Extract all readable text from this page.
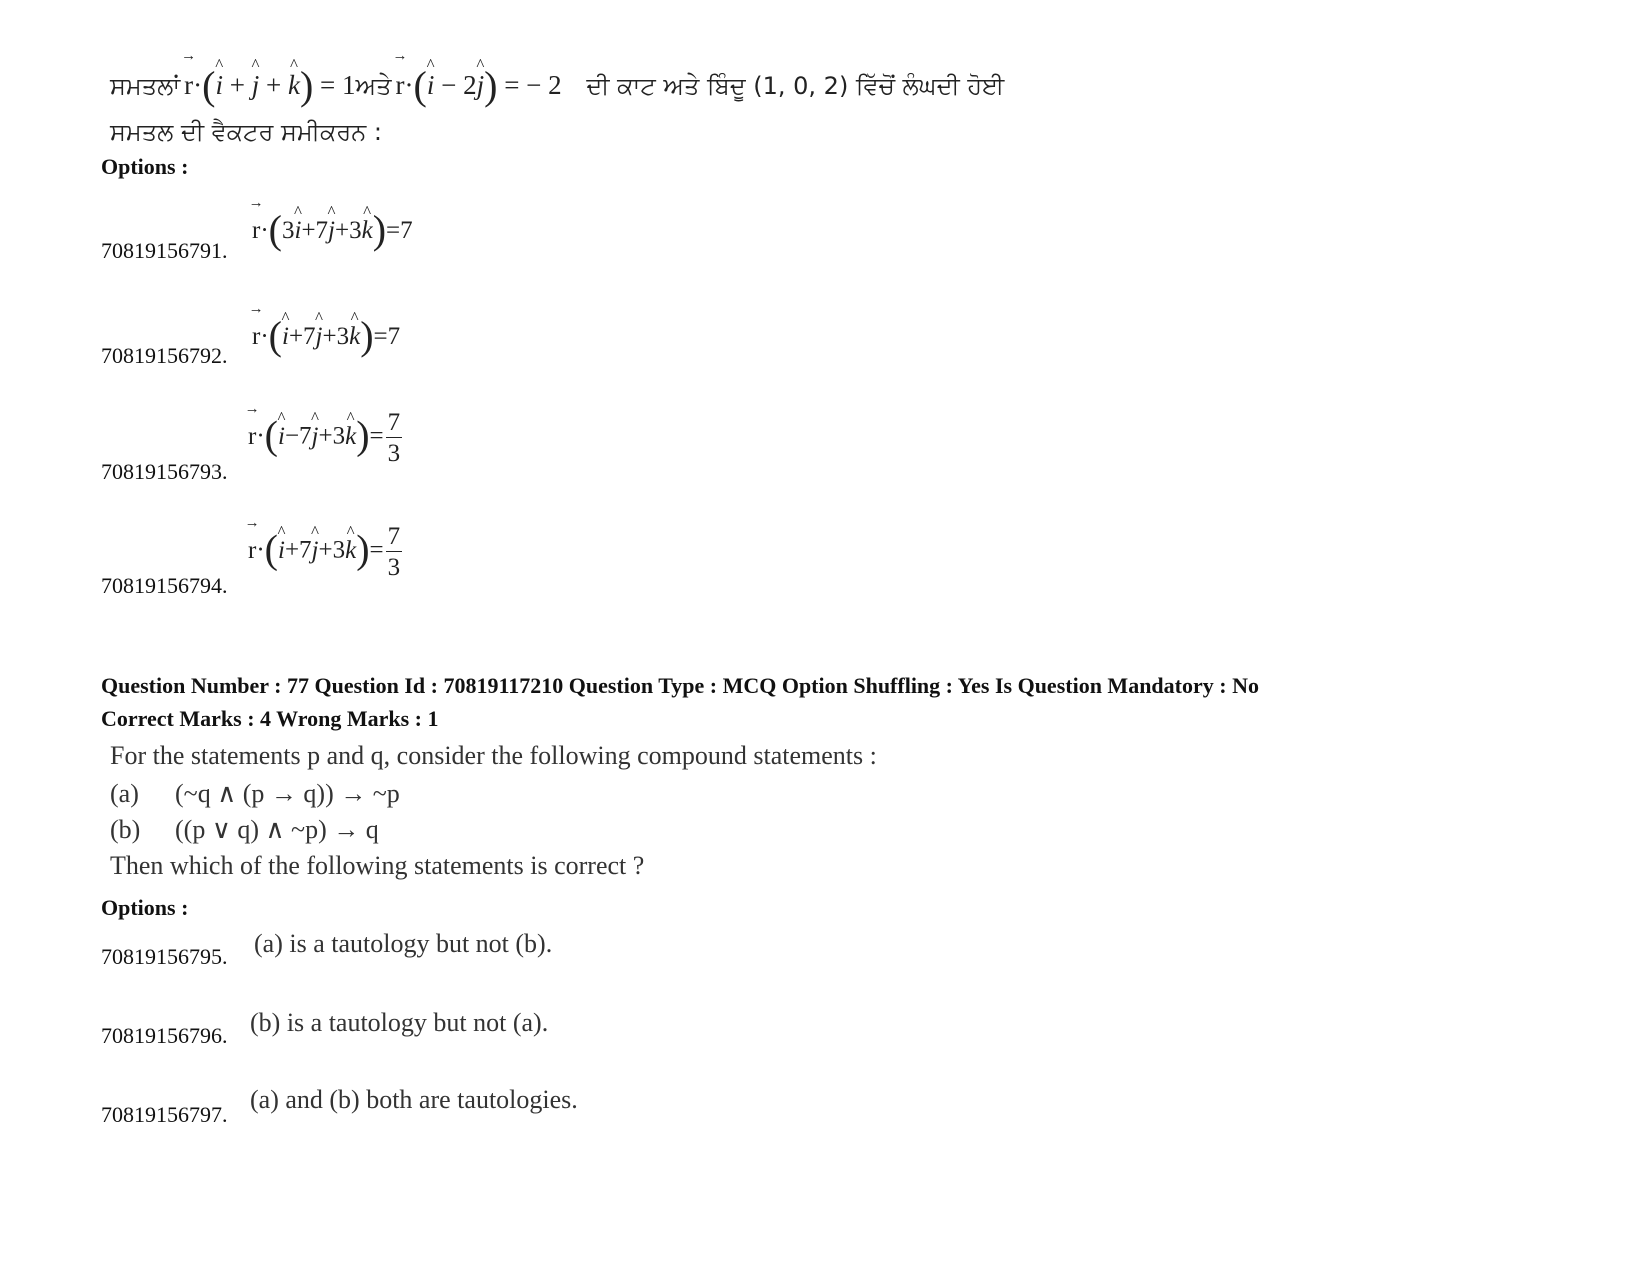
ਸਮਤਲਾਂ → r·(^ i + ^ j + ^ k) = 1ਅਤੇ → r·(^ i − 2^ j) = − 2 ਦੀ ਕਾਟ ਅਤੇ ਬਿੰਦੂ (1, 0, 2) ਵਿੱਚੋਂ ਲੰਘਦੀ ਹੋਈ
ਸਮਤਲ ਦੀ ਵੈਕਟਰ ਸਮੀਕਰਨ :
Options :
70819156791.
→ r·(3^ i+7^ j+3^ k)=7
70819156792.
→ r·(^ i+7^ j+3^ k)=7
70819156793.
→ r·(^ i−7^ j+3^ $k)= \frac{7}{3}$
70819156794.
→ r·(^ i+7^ j+3^ $k)= \frac{7}{3}$
Question Number : 77 Question Id : 70819117210 Question Type : MCQ Option Shuffling : Yes Is Question Mandatory : No
Correct Marks : 4 Wrong Marks : 1
For the statements p and q, consider the following compound statements :
(a) (~q ∧ (p → q)) → ~p
(b) ((p ∨ q) ∧ ~p) → q
Then which of the following statements is correct ?
Options :
70819156795. (a) is a tautology but not (b).
70819156796. (b) is a tautology but not (a).
70819156797.
(a) and (b) both are tautologies.
